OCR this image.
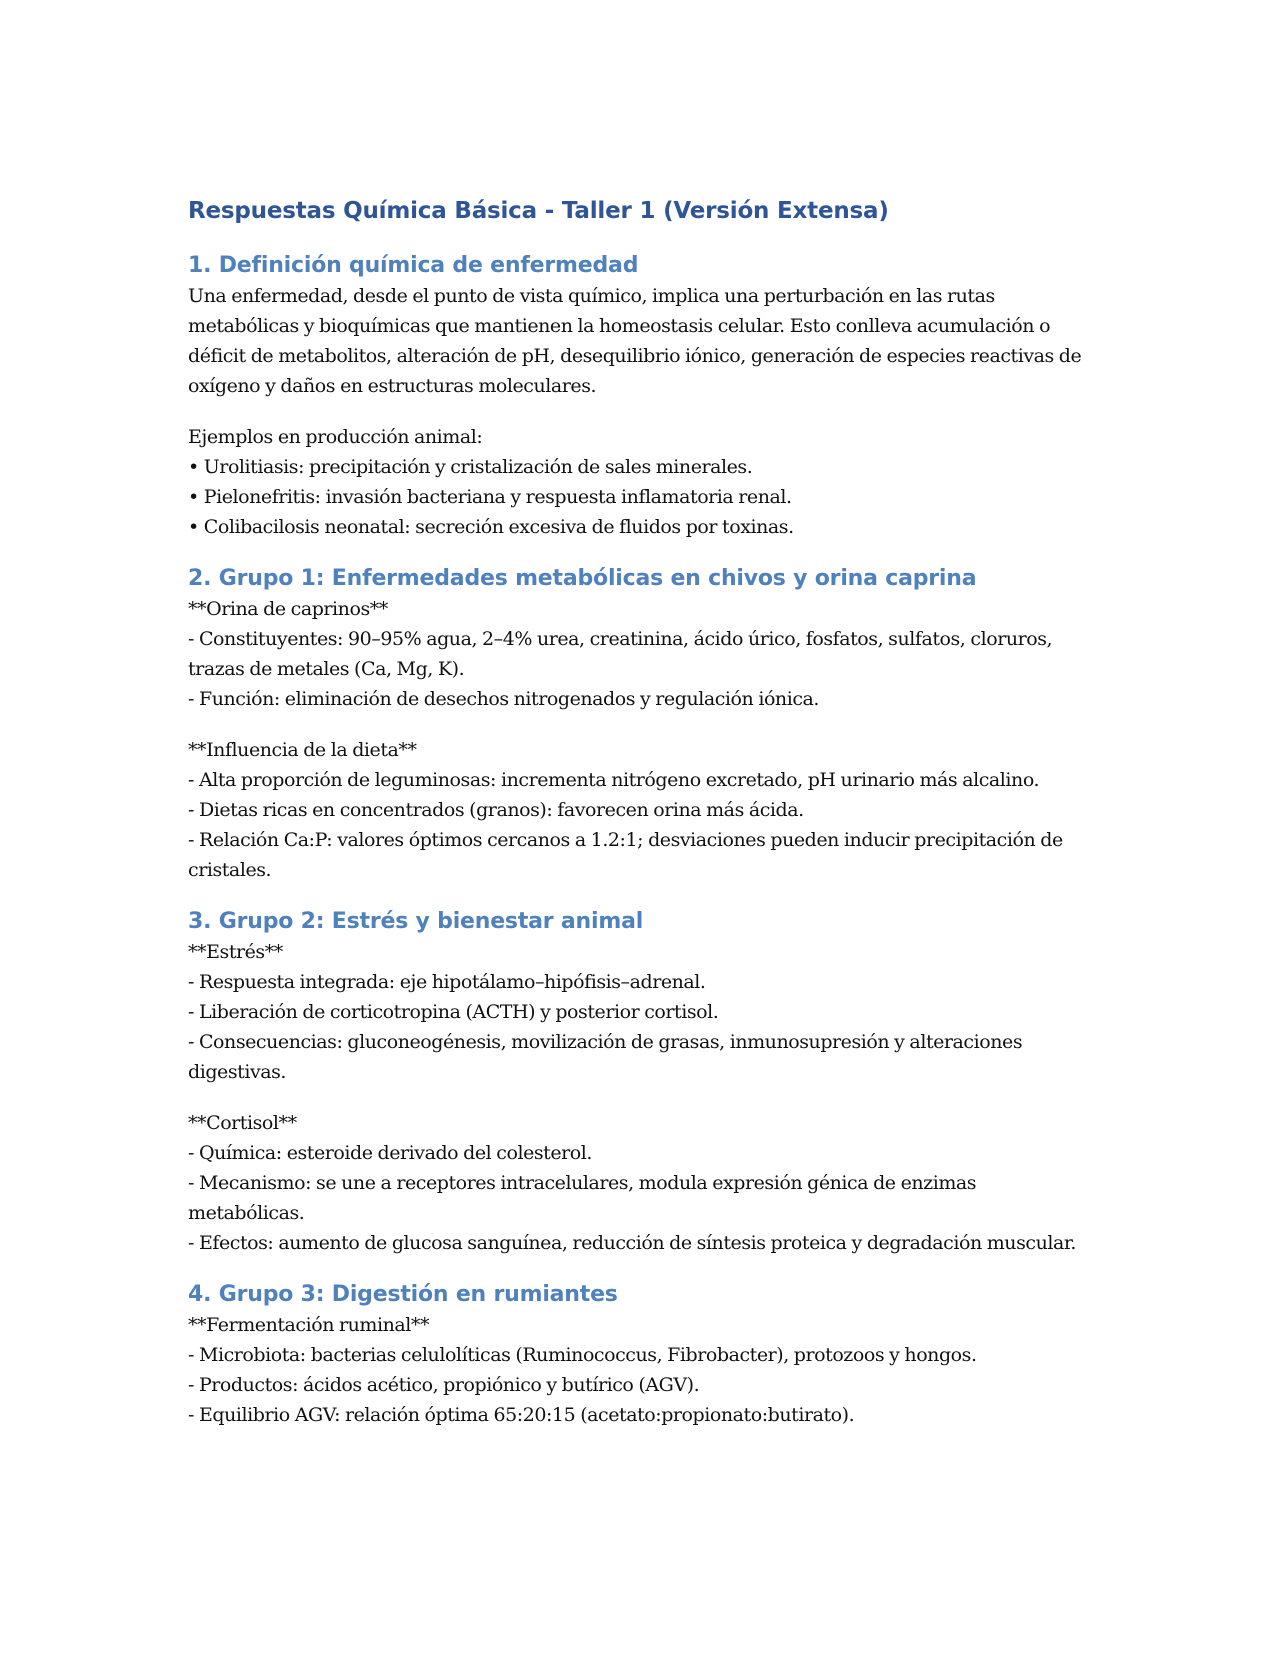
Respuestas Química Básica - Taller 1 (Versión Extensa)
1. Definición química de enfermedad

Una enfermedad, desde el punto de vista químico, implica una perturbación en las rutas metabólicas y bioquímicas que mantienen la homeostasis celular. Esto conlleva acumulación o déficit de metabolitos, alteración de pH, desequilibrio iónico, generación de especies reactivas de oxígeno y daños en estructuras moleculares.

Ejemplos en producción animal:
• Urolitiasis: precipitación y cristalización de sales minerales.
• Pielonefritis: invasión bacteriana y respuesta inflamatoria renal.
• Colibacilosis neonatal: secreción excesiva de fluidos por toxinas.

2. Grupo 1: Enfermedades metabólicas en chivos y orina caprina

**Orina de caprinos**
- Constituyentes: 90–95% agua, 2–4% urea, creatinina, ácido úrico, fosfatos, sulfatos, cloruros, trazas de metales (Ca, Mg, K).
- Función: eliminación de desechos nitrogenados y regulación iónica.

**Influencia de la dieta**
- Alta proporción de leguminosas: incrementa nitrógeno excretado, pH urinario más alcalino.
- Dietas ricas en concentrados (granos): favorecen orina más ácida.
- Relación Ca:P: valores óptimos cercanos a 1.2:1; desviaciones pueden inducir precipitación de cristales.

3. Grupo 2: Estrés y bienestar animal

**Estrés**
- Respuesta integrada: eje hipotálamo–hipófisis–adrenal.
- Liberación de corticotropina (ACTH) y posterior cortisol.
- Consecuencias: gluconeogénesis, movilización de grasas, inmunosupresión y alteraciones digestivas.

**Cortisol**
- Química: esteroide derivado del colesterol.
- Mecanismo: se une a receptores intracelulares, modula expresión génica de enzimas metabólicas.
- Efectos: aumento de glucosa sanguínea, reducción de síntesis proteica y degradación muscular.

4. Grupo 3: Digestión en rumiantes

**Fermentación ruminal**
- Microbiota: bacterias celulolíticas (Ruminococcus, Fibrobacter), protozoos y hongos.
- Productos: ácidos acético, propiónico y butírico (AGV).
- Equilibrio AGV: relación óptima 65:20:15 (acetato:propionato:butirato).
